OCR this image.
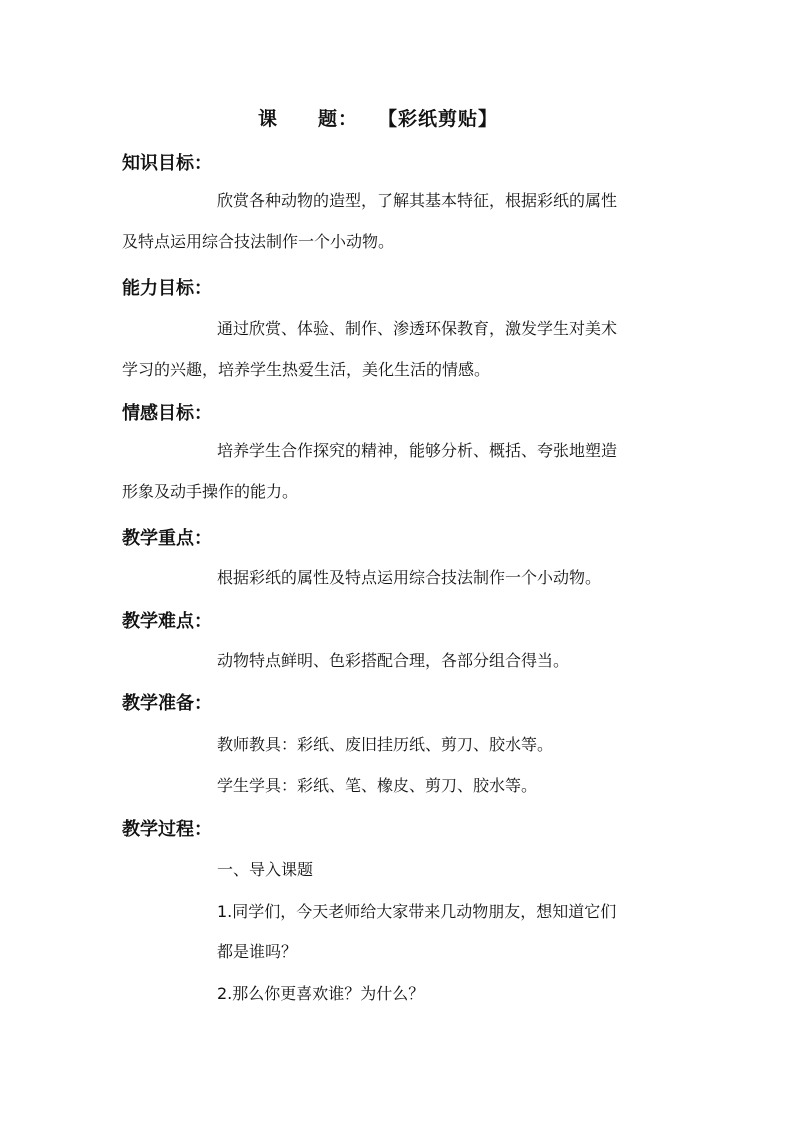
课　　题： 【彩纸剪贴】
知识目标：
欣赏各种动物的造型，了解其基本特征，根据彩纸的属性
及特点运用综合技法制作一个小动物。
能力目标：
通过欣赏、体验、制作、渗透环保教育，激发学生对美术
学习的兴趣，培养学生热爱生活，美化生活的情感。
情感目标：
培养学生合作探究的精神，能够分析、概括、夸张地塑造
形象及动手操作的能力。
教学重点：
根据彩纸的属性及特点运用综合技法制作一个小动物。
教学难点：
动物特点鲜明、色彩搭配合理，各部分组合得当。
教学准备：
教师教具：彩纸、废旧挂历纸、剪刀、胶水等。
学生学具：彩纸、笔、橡皮、剪刀、胶水等。
教学过程：
一、导入课题
1.同学们，今天老师给大家带来几动物朋友，想知道它们
都是谁吗？
2.那么你更喜欢谁？为什么？
